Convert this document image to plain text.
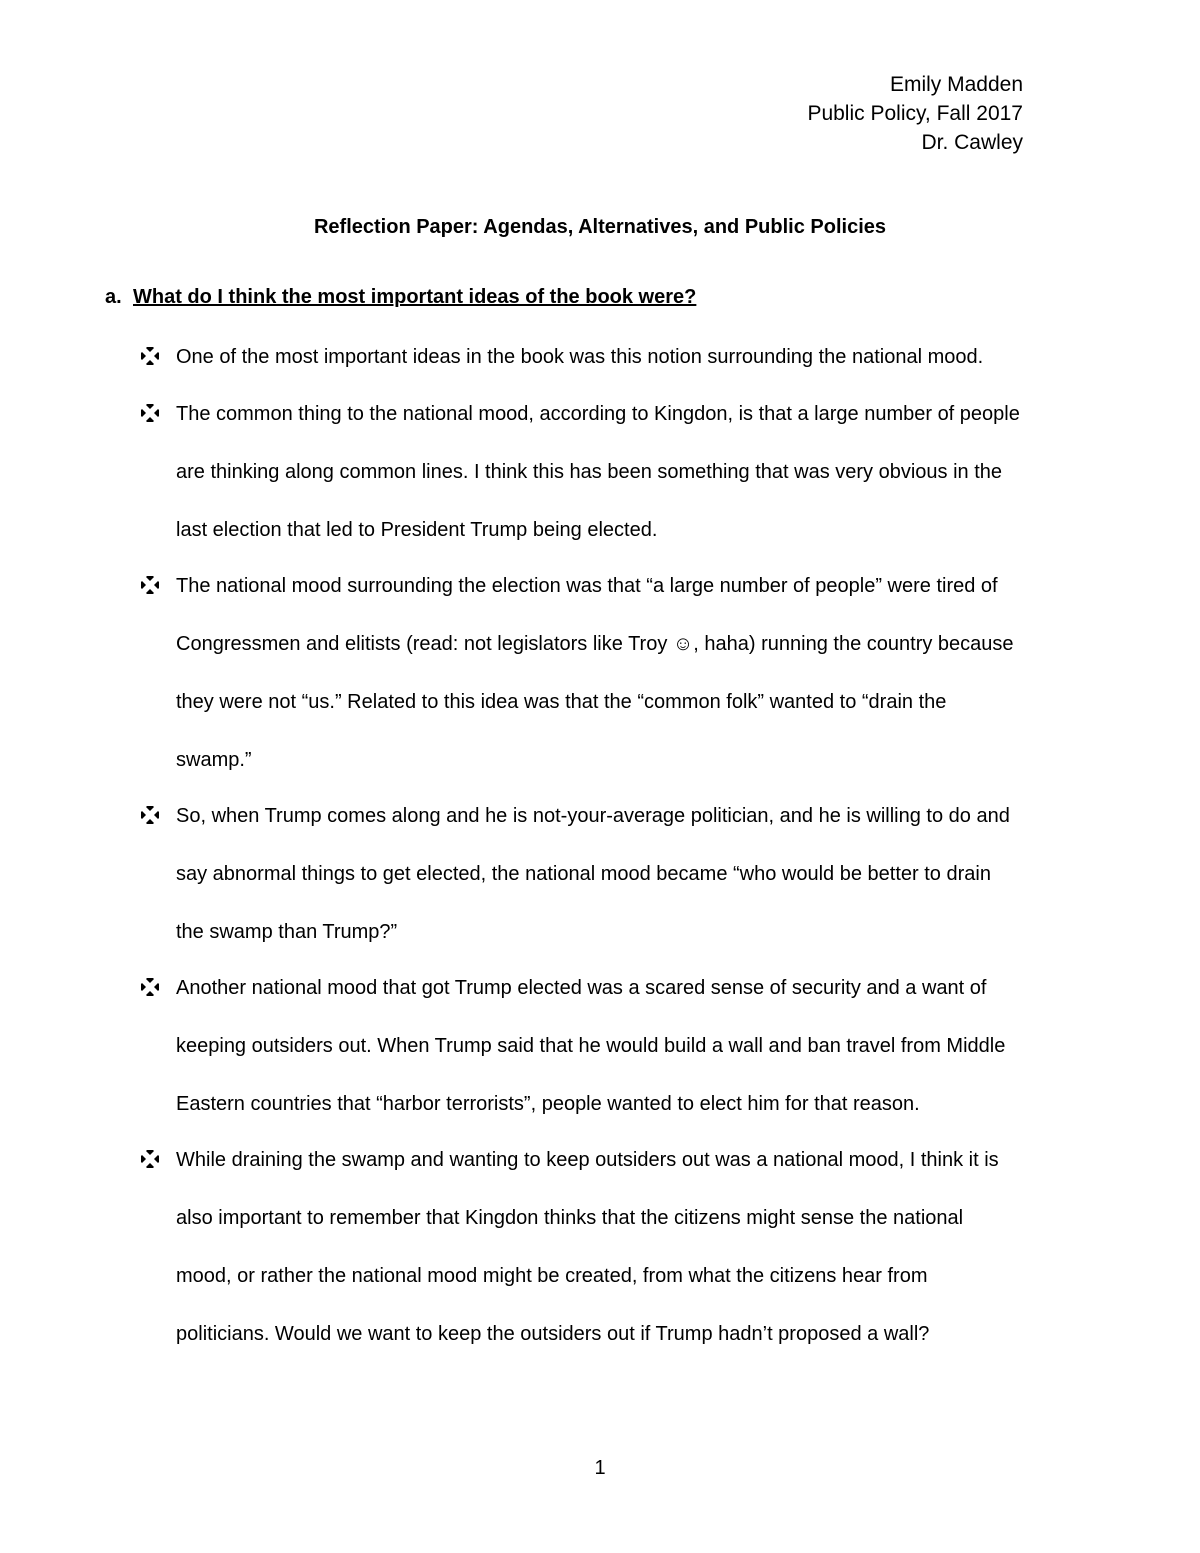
Emily Madden
Public Policy, Fall 2017
Dr. Cawley
Reflection Paper: Agendas, Alternatives, and Public Policies
a. What do I think the most important ideas of the book were?
One of the most important ideas in the book was this notion surrounding the national mood.
The common thing to the national mood, according to Kingdon, is that a large number of people
are thinking along common lines. I think this has been something that was very obvious in the
last election that led to President Trump being elected.
The national mood surrounding the election was that “a large number of people” were tired of
Congressmen and elitists (read: not legislators like Troy ☺, haha) running the country because
they were not “us.” Related to this idea was that the “common folk” wanted to “drain the
swamp.”
So, when Trump comes along and he is not-your-average politician, and he is willing to do and
say abnormal things to get elected, the national mood became “who would be better to drain
the swamp than Trump?”
Another national mood that got Trump elected was a scared sense of security and a want of
keeping outsiders out. When Trump said that he would build a wall and ban travel from Middle
Eastern countries that “harbor terrorists”, people wanted to elect him for that reason.
While draining the swamp and wanting to keep outsiders out was a national mood, I think it is
also important to remember that Kingdon thinks that the citizens might sense the national
mood, or rather the national mood might be created, from what the citizens hear from
politicians. Would we want to keep the outsiders out if Trump hadn’t proposed a wall?
1
